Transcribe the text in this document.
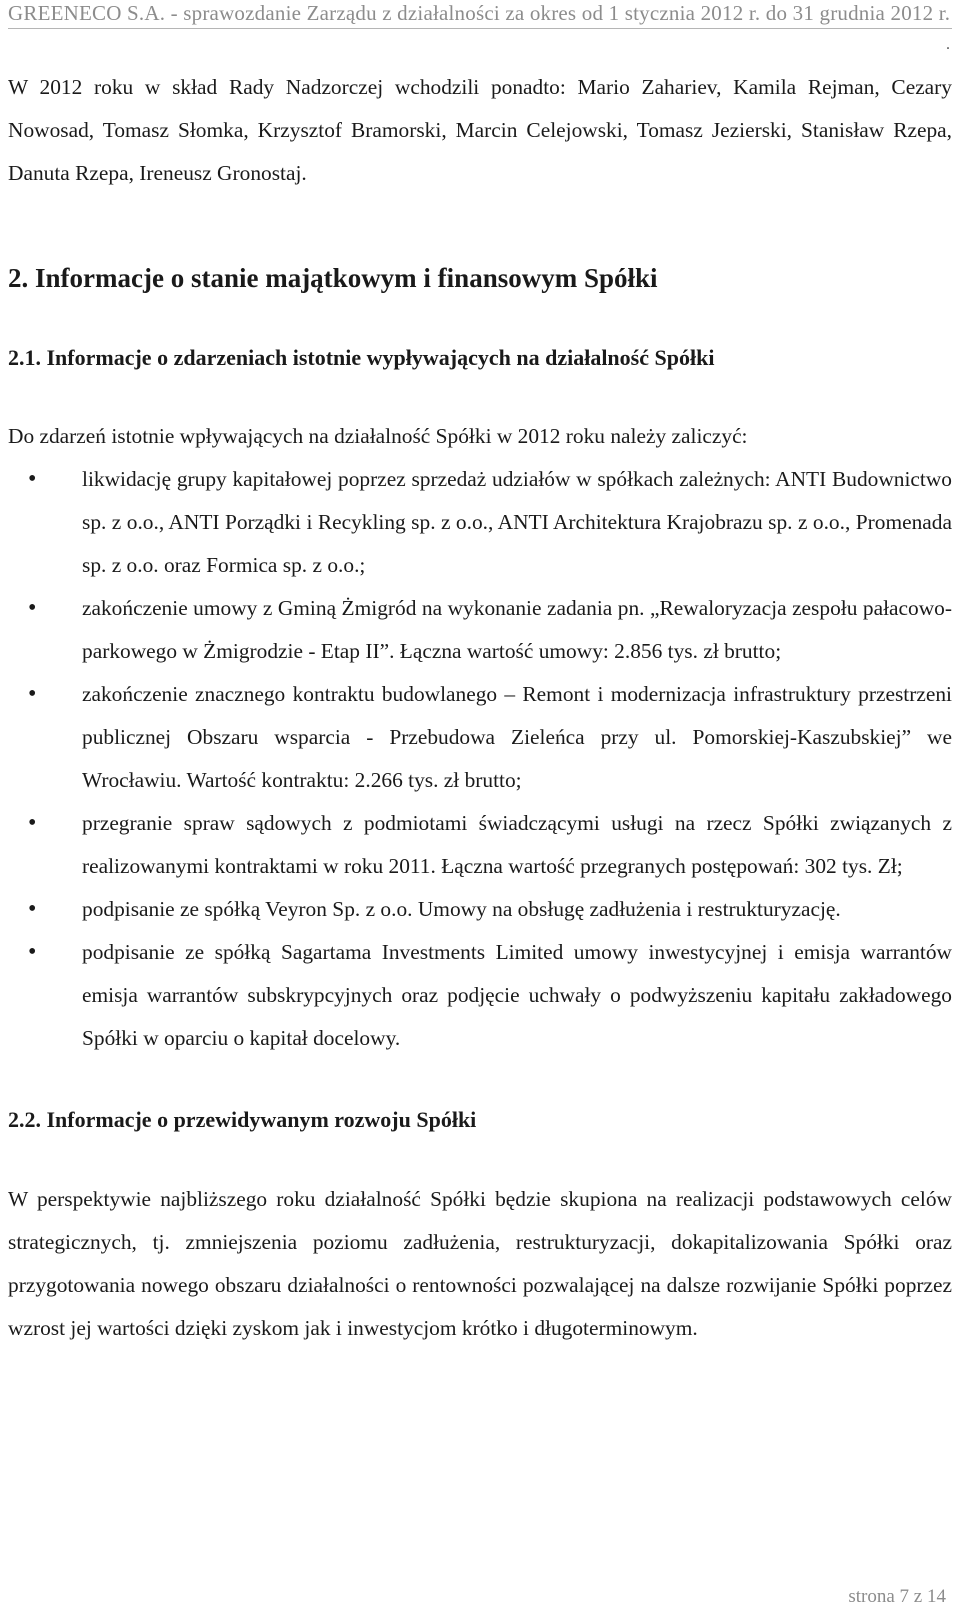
GREENECO S.A. - sprawozdanie Zarządu z działalności za okres od 1 stycznia 2012 r. do 31 grudnia 2012 r.
.

W 2012 roku w skład Rady Nadzorczej wchodzili ponadto: Mario Zahariev, Kamila Rejman, Cezary Nowosad, Tomasz Słomka, Krzysztof Bramorski, Marcin Celejowski, Tomasz Jezierski, Stanisław Rzepa, Danuta Rzepa, Ireneusz Gronostaj.

2. Informacje o stanie majątkowym i finansowym Spółki
2.1. Informacje o zdarzeniach istotnie wypływających na działalność Spółki

Do zdarzeń istotnie wpływających na działalność Spółki w 2012 roku należy zaliczyć:

• likwidację grupy kapitałowej poprzez sprzedaż udziałów w spółkach zależnych: ANTI Budownictwo sp. z o.o., ANTI Porządki i Recykling sp. z o.o., ANTI Architektura Krajobrazu sp. z o.o., Promenada sp. z o.o. oraz Formica sp. z o.o.;
• zakończenie umowy z Gminą Żmigród na wykonanie zadania pn. „Rewaloryzacja zespołu pałacowo-parkowego w Żmigrodzie - Etap II”. Łączna wartość umowy: 2.856 tys. zł brutto;
• zakończenie znacznego kontraktu budowlanego – Remont i modernizacja infrastruktury przestrzeni publicznej Obszaru wsparcia - Przebudowa Zieleńca przy ul. Pomorskiej-Kaszubskiej” we Wrocławiu. Wartość kontraktu: 2.266 tys. zł brutto;
• przegranie spraw sądowych z podmiotami świadczącymi usługi na rzecz Spółki związanych z realizowanymi kontraktami w roku 2011. Łączna wartość przegranych postępowań: 302 tys. Zł;
• podpisanie ze spółką Veyron Sp. z o.o. Umowy na obsługę zadłużenia i restrukturyzację.
• podpisanie ze spółką Sagartama Investments Limited umowy inwestycyjnej i emisja warrantów emisja warrantów subskrypcyjnych oraz podjęcie uchwały o podwyższeniu kapitału zakładowego Spółki w oparciu o kapitał docelowy.
2.2. Informacje o przewidywanym rozwoju Spółki

W perspektywie najbliższego roku działalność Spółki będzie skupiona na realizacji podstawowych celów strategicznych, tj. zmniejszenia poziomu zadłużenia, restrukturyzacji, dokapitalizowania Spółki oraz przygotowania nowego obszaru działalności o rentowności pozwalającej na dalsze rozwijanie Spółki poprzez wzrost jej wartości dzięki zyskom jak i inwestycjom krótko i długoterminowym.

strona 7 z 14
